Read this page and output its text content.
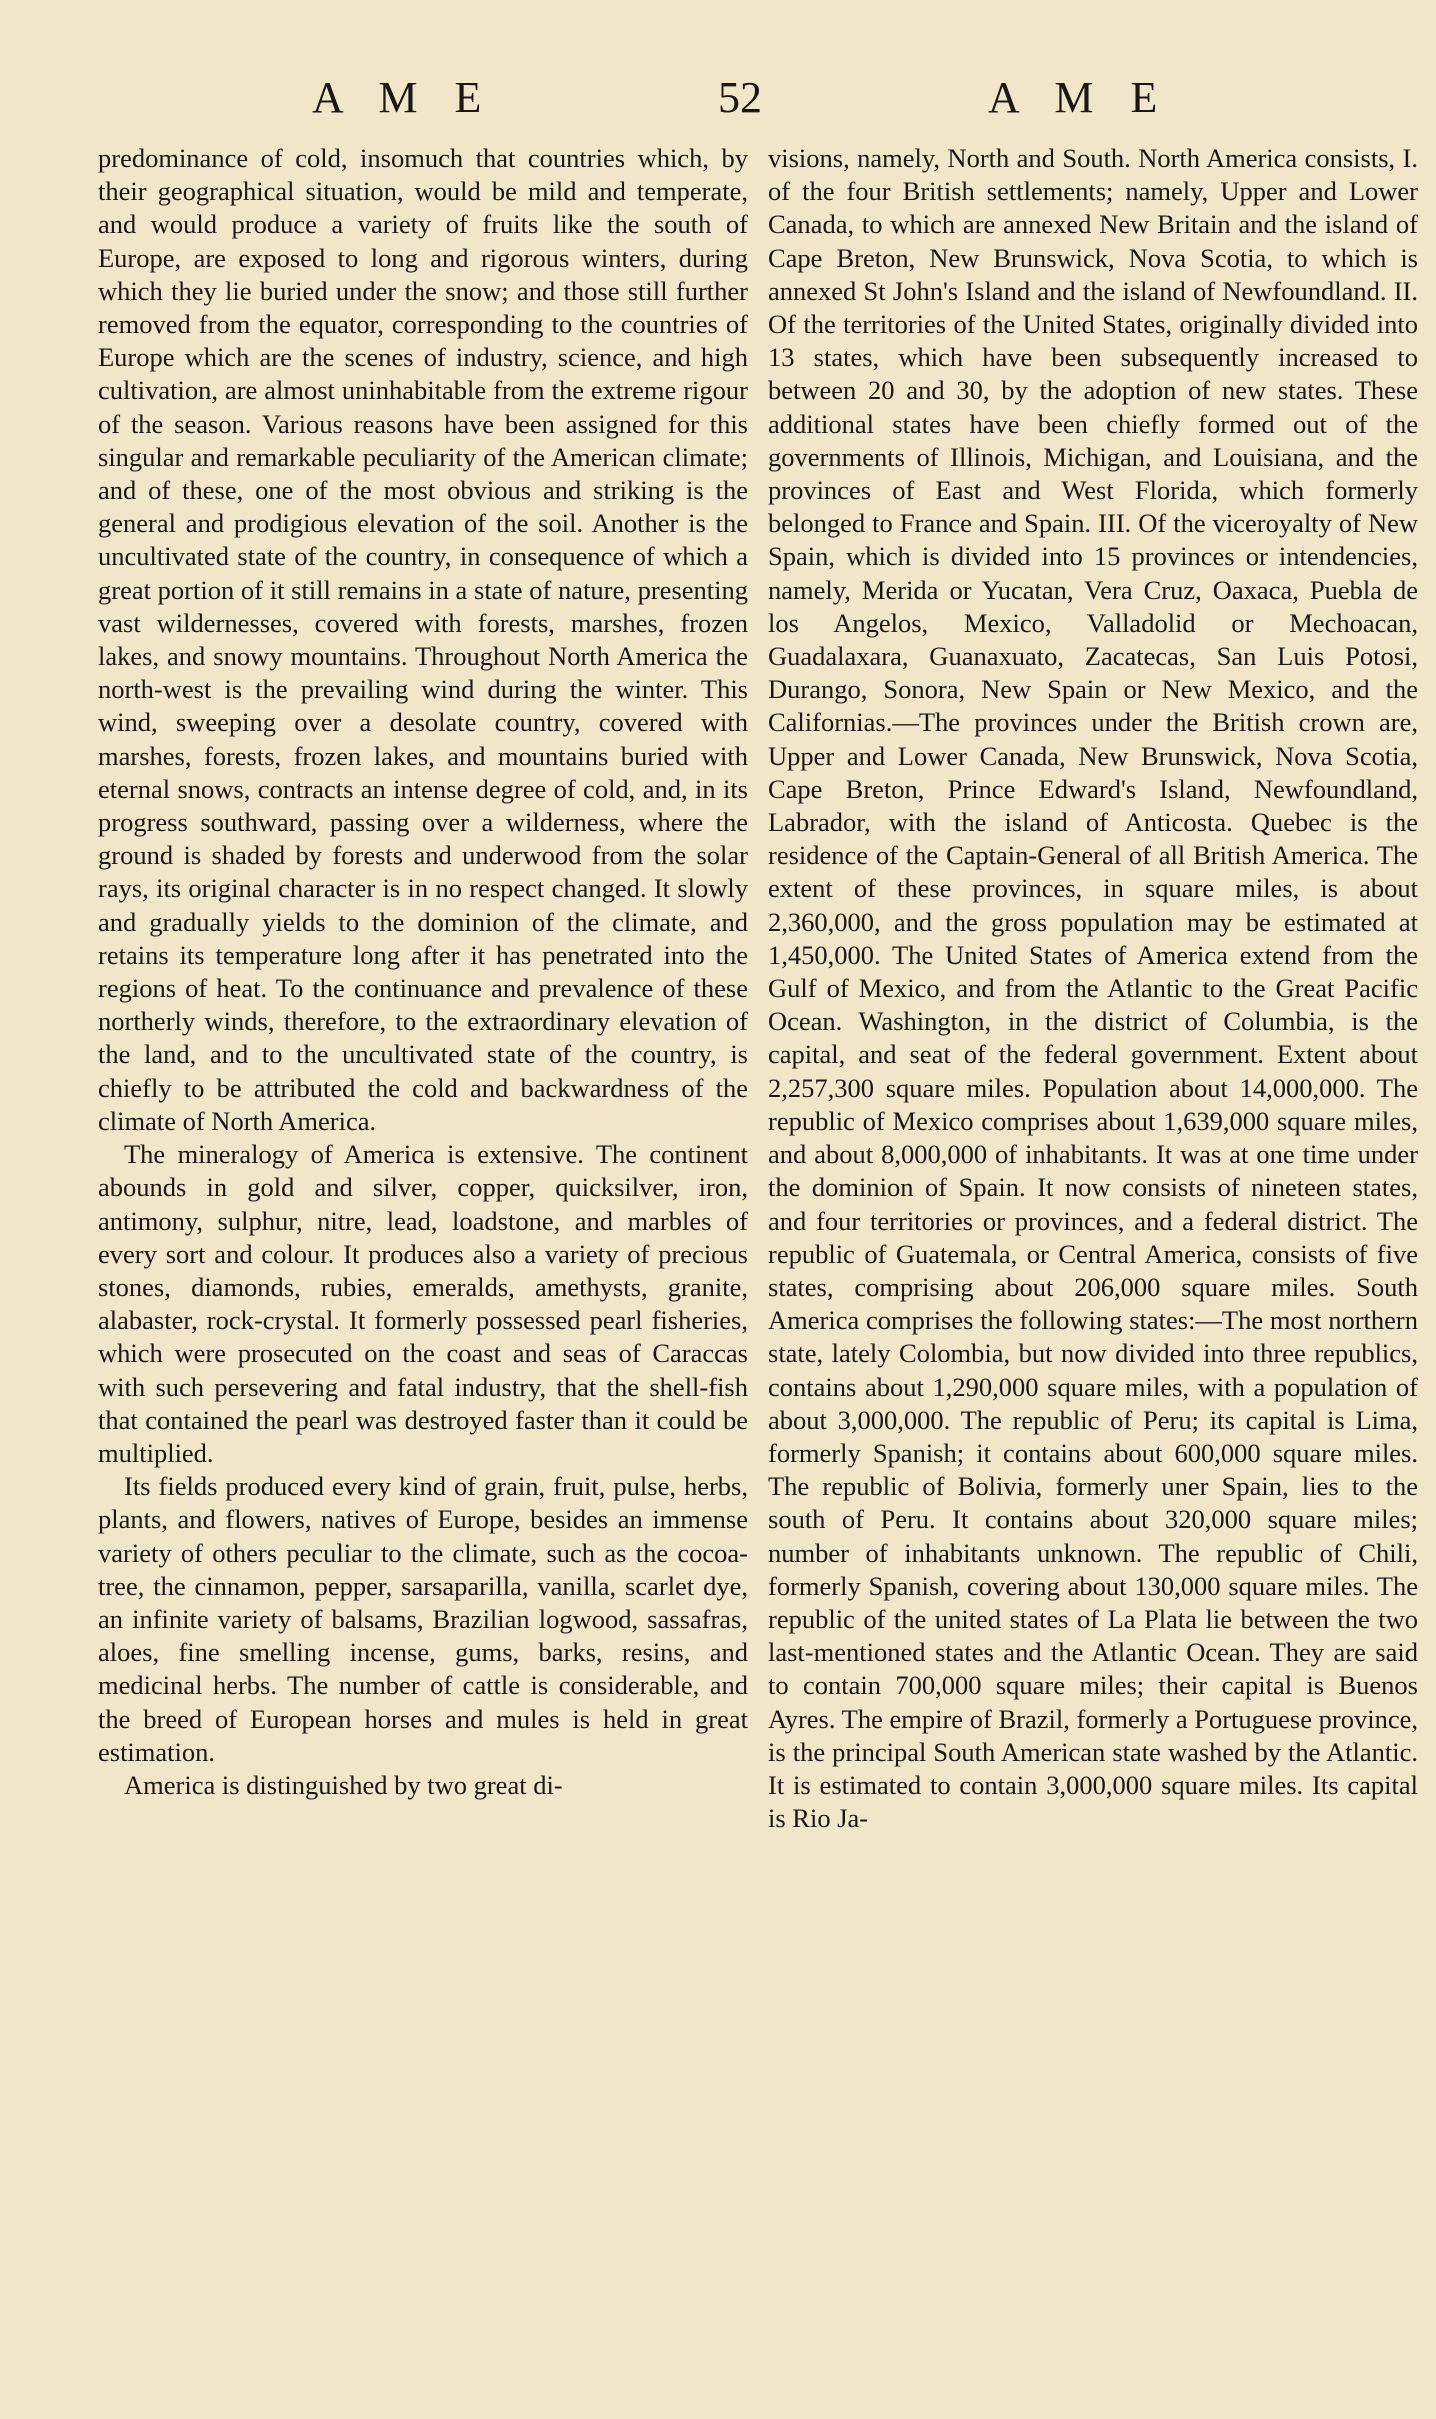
A M E	52	A M E

predominance of cold, insomuch that countries which, by their geographical situation, would be mild and temperate, and would produce a variety of fruits like the south of Europe, are exposed to long and rigorous winters, during which they lie buried under the snow; and those still further removed from the equator, corresponding to the countries of Europe which are the scenes of industry, science, and high cultivation, are almost uninhabitable from the extreme rigour of the season. Various reasons have been assigned for this singular and remarkable peculiarity of the American climate; and of these, one of the most obvious and striking is the general and prodigious elevation of the soil. Another is the uncultivated state of the country, in consequence of which a great portion of it still remains in a state of nature, presenting vast wildernesses, covered with forests, marshes, frozen lakes, and snowy mountains. Throughout North America the north-west is the prevailing wind during the winter. This wind, sweeping over a desolate country, covered with marshes, forests, frozen lakes, and mountains buried with eternal snows, contracts an intense degree of cold, and, in its progress southward, passing over a wilderness, where the ground is shaded by forests and underwood from the solar rays, its original character is in no respect changed. It slowly and gradually yields to the dominion of the climate, and retains its temperature long after it has penetrated into the regions of heat. To the continuance and prevalence of these northerly winds, therefore, to the extraordinary elevation of the land, and to the uncultivated state of the country, is chiefly to be attributed the cold and backwardness of the climate of North America.

The mineralogy of America is extensive. The continent abounds in gold and silver, copper, quicksilver, iron, antimony, sulphur, nitre, lead, loadstone, and marbles of every sort and colour. It produces also a variety of precious stones, diamonds, rubies, emeralds, amethysts, granite, alabaster, rock-crystal. It formerly possessed pearl fisheries, which were prosecuted on the coast and seas of Caraccas with such persevering and fatal industry, that the shell-fish that contained the pearl was destroyed faster than it could be multiplied.

Its fields produced every kind of grain, fruit, pulse, herbs, plants, and flowers, natives of Europe, besides an immense variety of others peculiar to the climate, such as the cocoa-tree, the cinnamon, pepper, sarsaparilla, vanilla, scarlet dye, an infinite variety of balsams, Brazilian logwood, sassafras, aloes, fine smelling incense, gums, barks, resins, and medicinal herbs. The number of cattle is considerable, and the breed of European horses and mules is held in great estimation.

America is distinguished by two great di-

visions, namely, North and South. North America consists, I. of the four British settlements; namely, Upper and Lower Canada, to which are annexed New Britain and the island of Cape Breton, New Brunswick, Nova Scotia, to which is annexed St John's Island and the island of Newfoundland. II. Of the territories of the United States, originally divided into 13 states, which have been subsequently increased to between 20 and 30, by the adoption of new states. These additional states have been chiefly formed out of the governments of Illinois, Michigan, and Louisiana, and the provinces of East and West Florida, which formerly belonged to France and Spain. III. Of the viceroyalty of New Spain, which is divided into 15 provinces or intendencies, namely, Merida or Yucatan, Vera Cruz, Oaxaca, Puebla de los Angelos, Mexico, Valladolid or Mechoacan, Guadalaxara, Guanaxuato, Zacatecas, San Luis Potosi, Durango, Sonora, New Spain or New Mexico, and the Californias.—The provinces under the British crown are, Upper and Lower Canada, New Brunswick, Nova Scotia, Cape Breton, Prince Edward's Island, Newfoundland, Labrador, with the island of Anticosta. Quebec is the residence of the Captain-General of all British America. The extent of these provinces, in square miles, is about 2,360,000, and the gross population may be estimated at 1,450,000. The United States of America extend from the Gulf of Mexico, and from the Atlantic to the Great Pacific Ocean. Washington, in the district of Columbia, is the capital, and seat of the federal government. Extent about 2,257,300 square miles. Population about 14,000,000. The republic of Mexico comprises about 1,639,000 square miles, and about 8,000,000 of inhabitants. It was at one time under the dominion of Spain. It now consists of nineteen states, and four territories or provinces, and a federal district. The republic of Guatemala, or Central America, consists of five states, comprising about 206,000 square miles. South America comprises the following states:—The most northern state, lately Colombia, but now divided into three republics, contains about 1,290,000 square miles, with a population of about 3,000,000. The republic of Peru; its capital is Lima, formerly Spanish; it contains about 600,000 square miles. The republic of Bolivia, formerly uner Spain, lies to the south of Peru. It contains about 320,000 square miles; number of inhabitants unknown. The republic of Chili, formerly Spanish, covering about 130,000 square miles. The republic of the united states of La Plata lie between the two last-mentioned states and the Atlantic Ocean. They are said to contain 700,000 square miles; their capital is Buenos Ayres. The empire of Brazil, formerly a Portuguese province, is the principal South American state washed by the Atlantic. It is estimated to contain 3,000,000 square miles. Its capital is Rio Ja-
